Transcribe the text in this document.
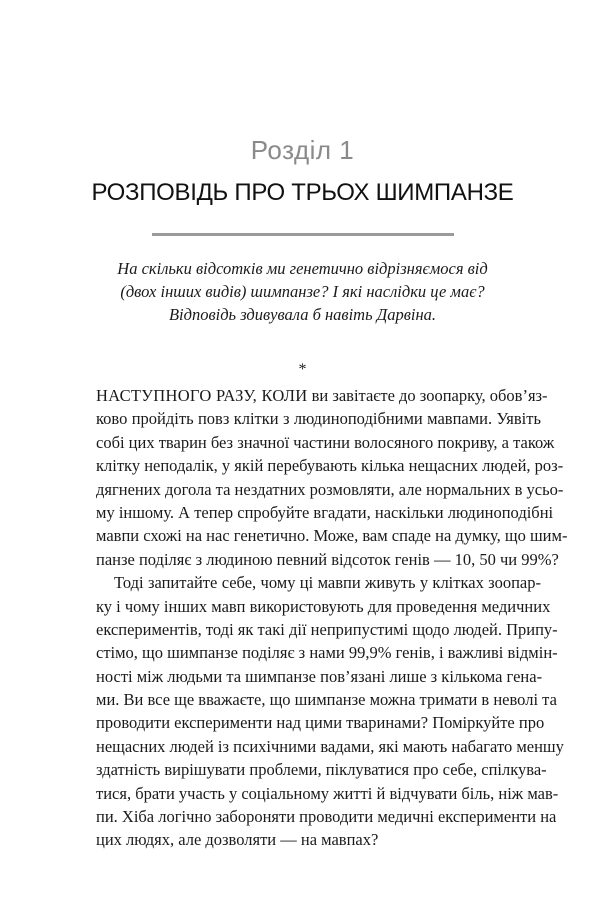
Розділ 1
РОЗПОВІДЬ ПРО ТРЬОХ ШИМПАНЗЕ
На скільки відсотків ми генетично відрізняємося від
(двох інших видів) шимпанзе? І які наслідки це має?
Відповідь здивувала б навіть Дарвіна.
*
НАСТУПНОГО РАЗУ, КОЛИ ви завітаєте до зоопарку, обов’яз-
ково пройдіть повз клітки з людиноподібними мавпами. Уявіть
собі цих тварин без значної частини волосяного покриву, а також
клітку неподалік, у якій перебувають кілька нещасних людей, роз-
дягнених догола та нездатних розмовляти, але нормальних в усьо-
му іншому. А тепер спробуйте вгадати, наскільки людиноподібні
мавпи схожі на нас генетично. Може, вам спаде на думку, що шим-
панзе поділяє з людиною певний відсоток генів — 10, 50 чи 99%?
Тоді запитайте себе, чому ці мавпи живуть у клітках зоопар-
ку і чому інших мавп використовують для проведення медичних
експериментів, тоді як такі дії неприпустимі щодо людей. Припу-
стімо, що шимпанзе поділяє з нами 99,9% генів, і важливі відмін-
ності між людьми та шимпанзе пов’язані лише з кількома гена-
ми. Ви все ще вважаєте, що шимпанзе можна тримати в неволі та
проводити експерименти над цими тваринами? Поміркуйте про
нещасних людей із психічними вадами, які мають набагато меншу
здатність вирішувати проблеми, піклуватися про себе, спілкува-
тися, брати участь у соціальному житті й відчувати біль, ніж мав-
пи. Хіба логічно забороняти проводити медичні експерименти на
цих людях, але дозволяти — на мавпах?
